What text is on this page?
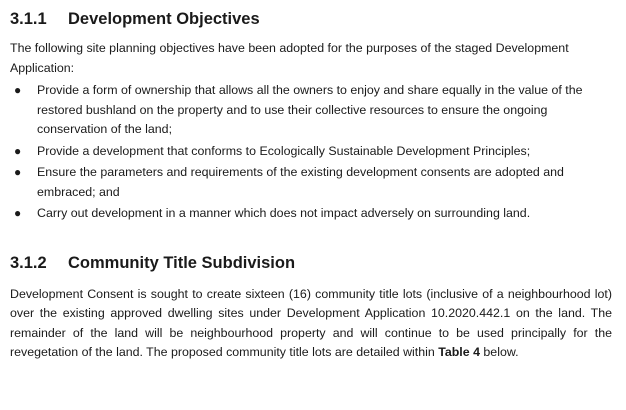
3.1.1	Development Objectives

The following site planning objectives have been adopted for the purposes of the staged Development Application:

● Provide a form of ownership that allows all the owners to enjoy and share equally in the value of the restored bushland on the property and to use their collective resources to ensure the ongoing conservation of the land;
● Provide a development that conforms to Ecologically Sustainable Development Principles;
● Ensure the parameters and requirements of the existing development consents are adopted and embraced; and
● Carry out development in a manner which does not impact adversely on surrounding land.
3.1.2	Community Title Subdivision

Development Consent is sought to create sixteen (16) community title lots (inclusive of a neighbourhood lot) over the existing approved dwelling sites under Development Application 10.2020.442.1 on the land. The remainder of the land will be neighbourhood property and will continue to be used principally for the revegetation of the land. The proposed community title lots are detailed within Table 4 below.
